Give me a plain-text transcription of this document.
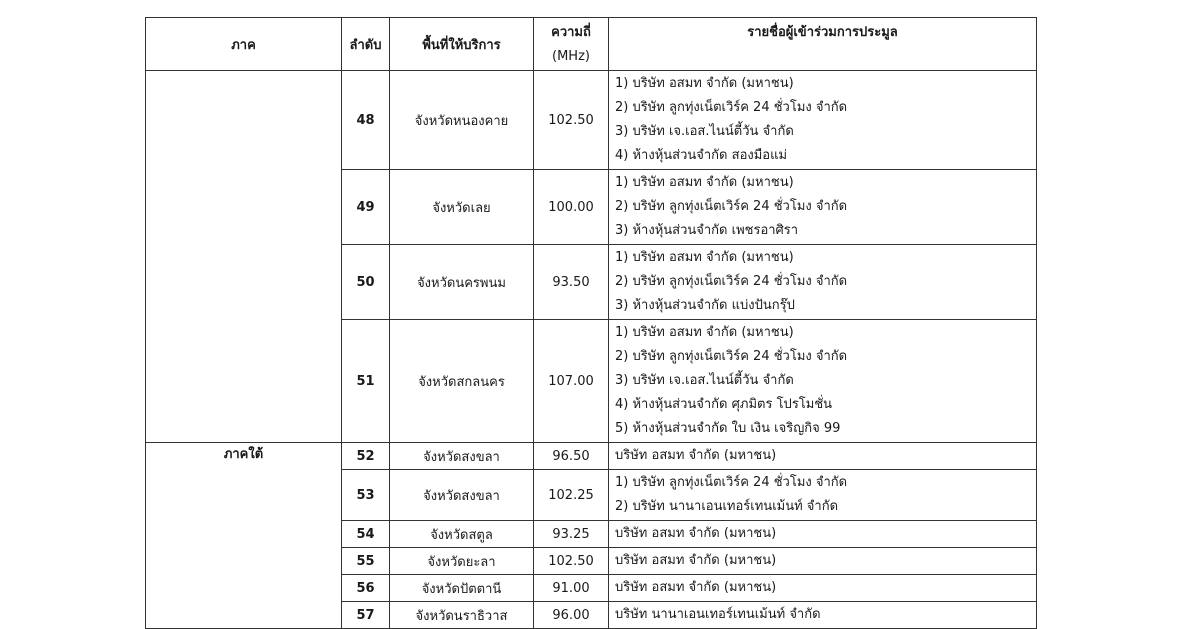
ภาค	ลำดับ	พื้นที่ให้บริการ	ความถี่
(MHz)	รายชื่อผู้เข้าร่วมการประมูล
	48	จังหวัดหนองคาย	102.50	1) บริษัท อสมท จำกัด (มหาชน)
2) บริษัท ลูกทุ่งเน็ตเวิร์ค 24 ชั่วโมง จำกัด
3) บริษัท เจ.เอส.ไนน์ตี้วัน จำกัด
4) ห้างหุ้นส่วนจำกัด สองมือแม่

	49	จังหวัดเลย	100.00	1) บริษัท อสมท จำกัด (มหาชน)
2) บริษัท ลูกทุ่งเน็ตเวิร์ค 24 ชั่วโมง จำกัด
3) ห้างหุ้นส่วนจำกัด เพชรอาศิรา

	50	จังหวัดนครพนม	93.50	1) บริษัท อสมท จำกัด (มหาชน)
2) บริษัท ลูกทุ่งเน็ตเวิร์ค 24 ชั่วโมง จำกัด
3) ห้างหุ้นส่วนจำกัด แบ่งปันกรุ๊ป

	51	จังหวัดสกลนคร	107.00	1) บริษัท อสมท จำกัด (มหาชน)
2) บริษัท ลูกทุ่งเน็ตเวิร์ค 24 ชั่วโมง จำกัด
3) บริษัท เจ.เอส.ไนน์ตี้วัน จำกัด
4) ห้างหุ้นส่วนจำกัด ศุภมิตร โปรโมชั่น
5) ห้างหุ้นส่วนจำกัด ใบ เงิน เจริญกิจ 99

ภาคใต้	52	จังหวัดสงขลา	96.50	บริษัท อสมท จำกัด (มหาชน)

	53	จังหวัดสงขลา	102.25	1) บริษัท ลูกทุ่งเน็ตเวิร์ค 24 ชั่วโมง จำกัด
2) บริษัท นานาเอนเทอร์เทนเม้นท์ จำกัด

	54	จังหวัดสตูล	93.25	บริษัท อสมท จำกัด (มหาชน)

	55	จังหวัดยะลา	102.50	บริษัท อสมท จำกัด (มหาชน)

	56	จังหวัดปัตตานี	91.00	บริษัท อสมท จำกัด (มหาชน)

	57	จังหวัดนราธิวาส	96.00	บริษัท นานาเอนเทอร์เทนเม้นท์ จำกัด
